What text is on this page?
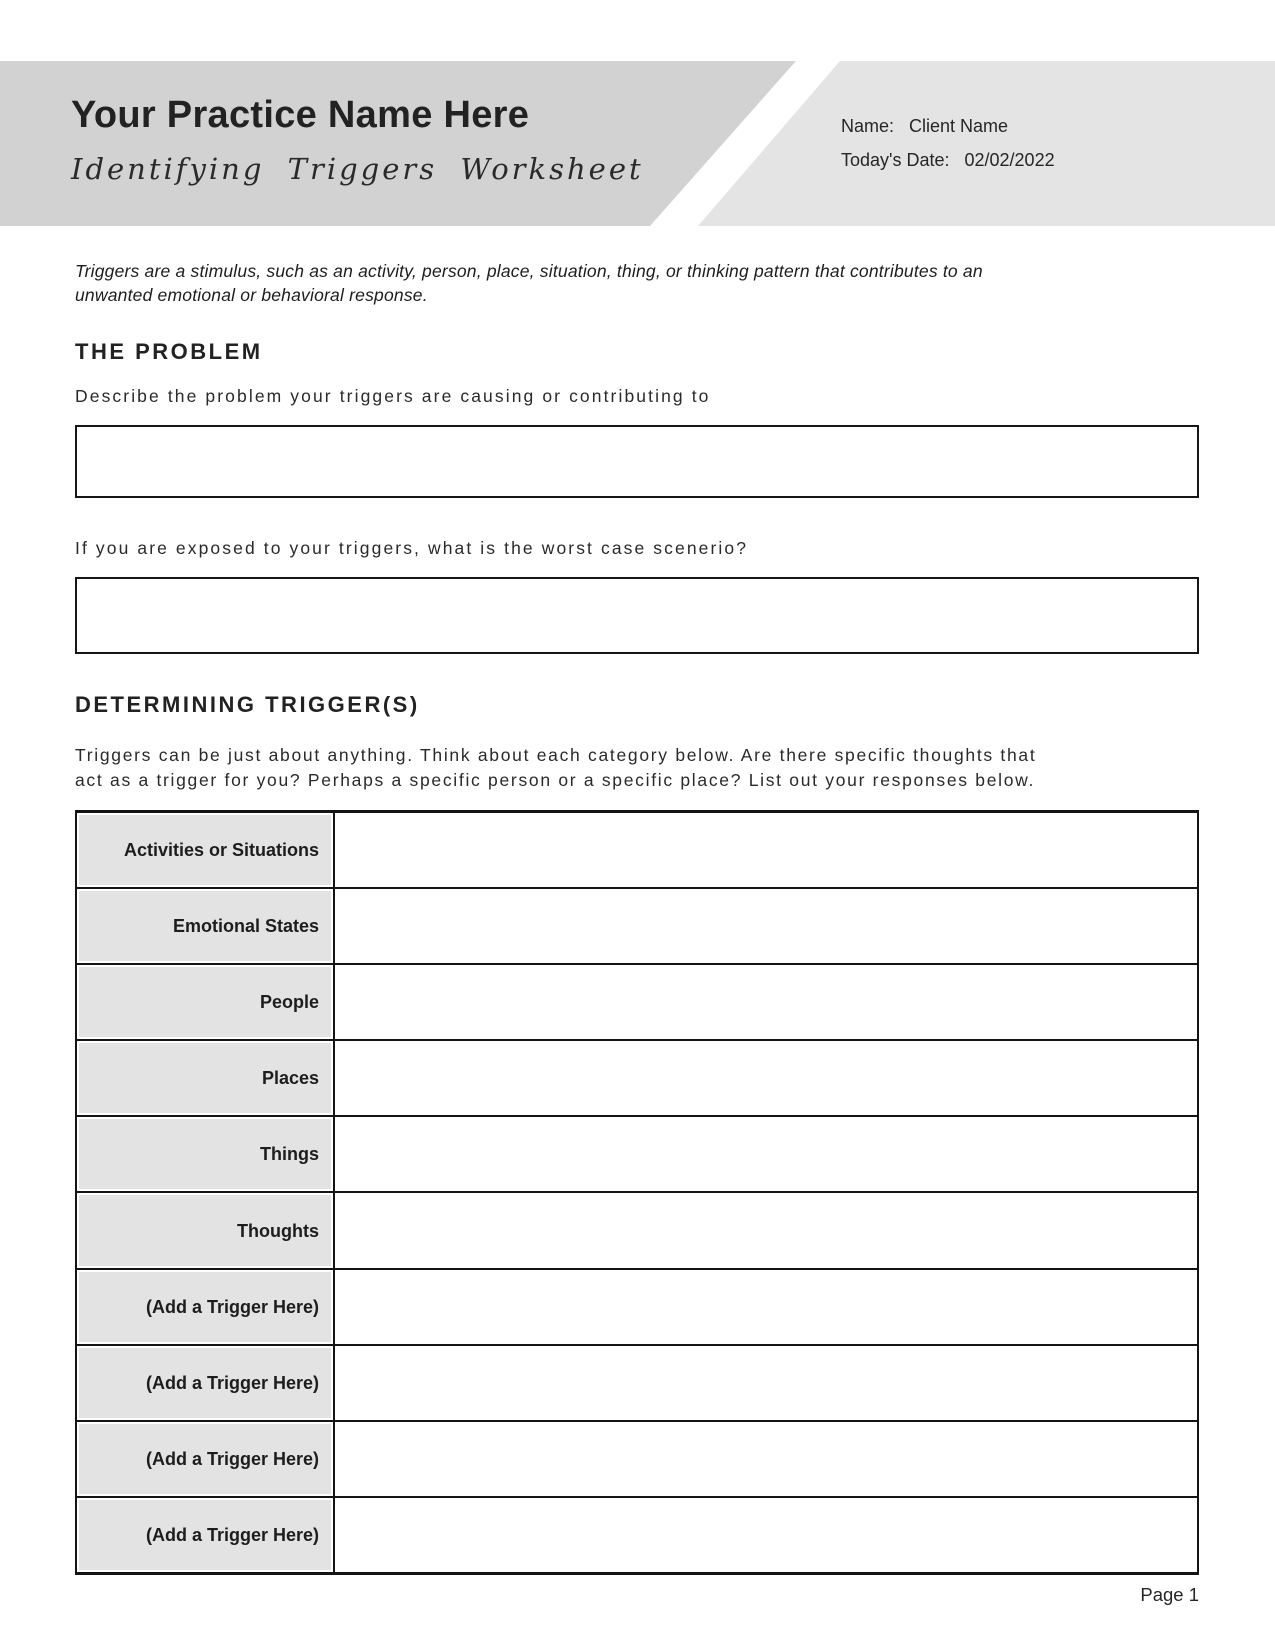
Your Practice Name Here
Identifying Triggers Worksheet
Name: Client Name
Today's Date: 02/02/2022
Triggers are a stimulus, such as an activity, person, place, situation, thing, or thinking pattern that contributes to an
unwanted emotional or behavioral response.
THE PROBLEM
Describe the problem your triggers are causing or contributing to
If you are exposed to your triggers, what is the worst case scenerio?
DETERMINING TRIGGER(S)
Triggers can be just about anything. Think about each category below. Are there specific thoughts that
act as a trigger for you? Perhaps a specific person or a specific place? List out your responses below.
Activities or Situations
Emotional States
People
Places
Things
Thoughts
(Add a Trigger Here)
(Add a Trigger Here)
(Add a Trigger Here)
(Add a Trigger Here)
Page 1
